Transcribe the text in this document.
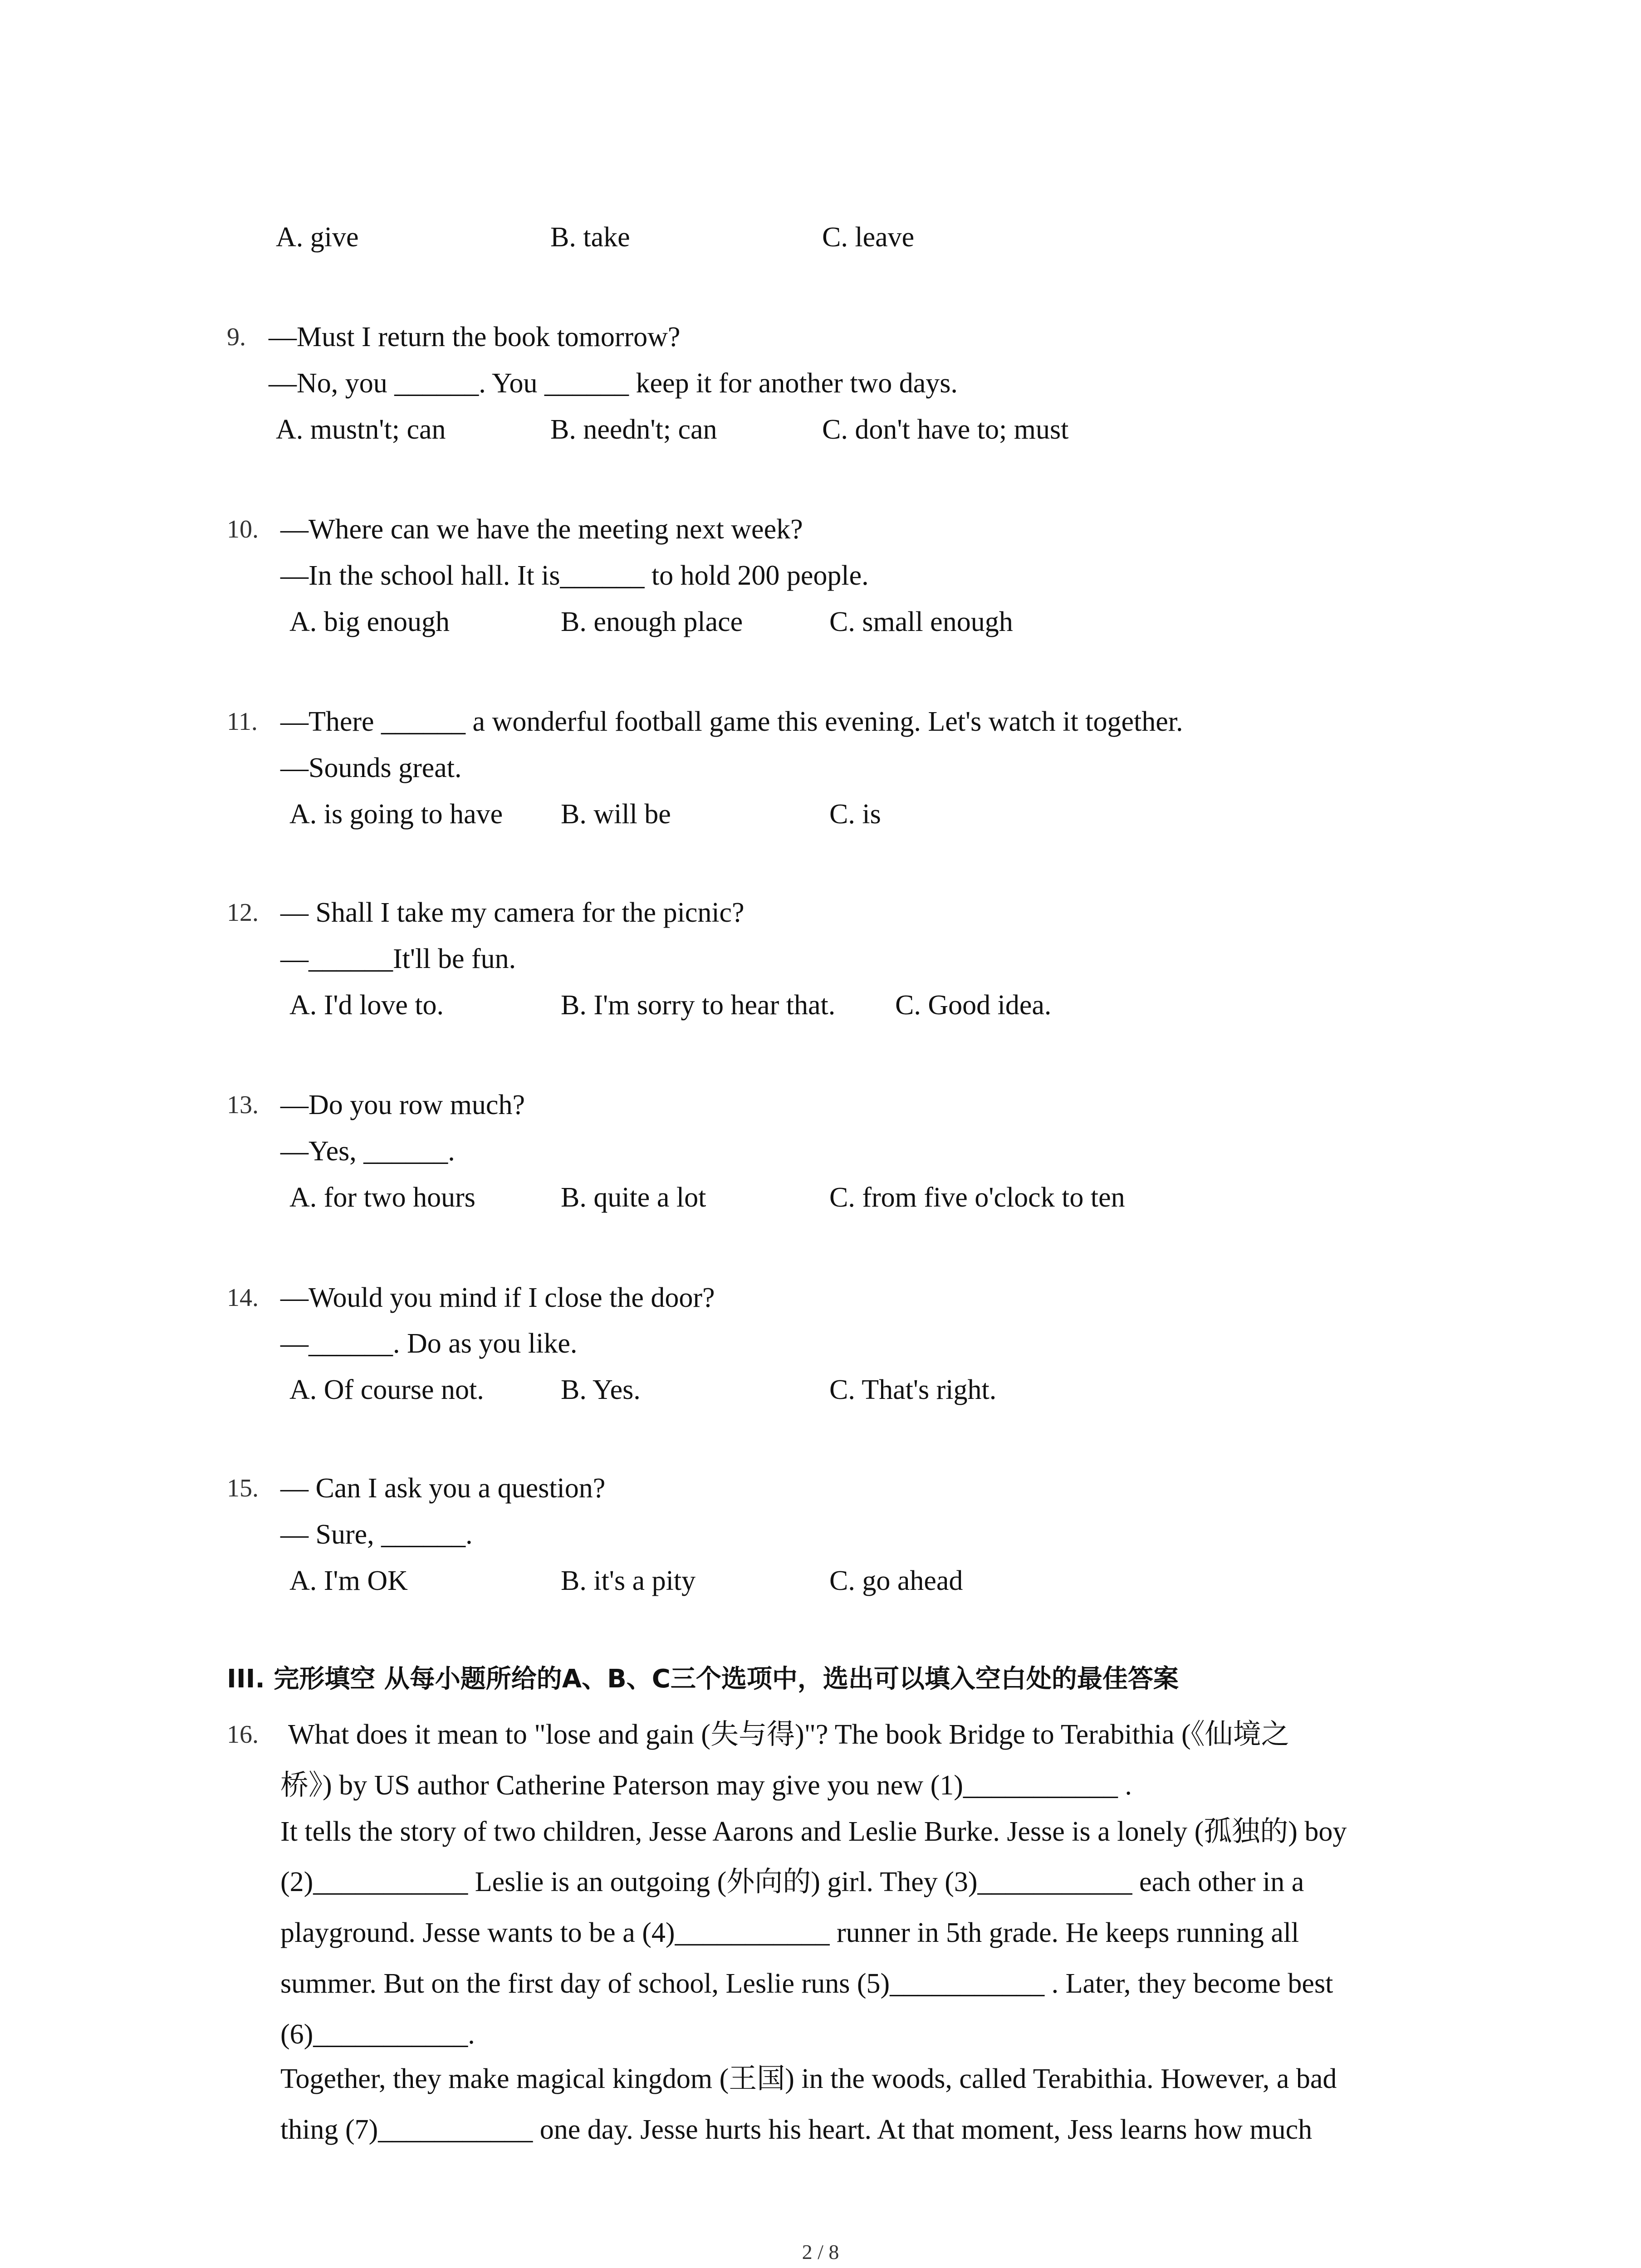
A. give	B. take	C. leave
9. —Must I return the book tomorrow?
—No, you ______. You ______ keep it for another two days.
A. mustn't; can	B. needn't; can	C. don't have to; must
10. —Where can we have the meeting next week?
—In the school hall. It is______ to hold 200 people.
A. big enough	B. enough place	C. small enough
11. —There ______ a wonderful football game this evening. Let's watch it together.
—Sounds great.
A. is going to have B. will be	C. is
12. — Shall I take my camera for the picnic?
—______It'll be fun.
A. I'd love to.	B. I'm sorry to hear that. C. Good idea.
13. —Do you row much?
—Yes, ______.
A. for two hours	B. quite a lot	C. from five o'clock to ten
14. —Would you mind if I close the door?
—______. Do as you like.
A. Of course not.	B. Yes.	C. That's right.
15. — Can I ask you a question?
— Sure, ______.
A. I'm OK	B. it's a pity	C. go ahead
III. 完形填空 从每小题所给的A、B、C三个选项中，选出可以填入空白处的最佳答案
16. What does it mean to "lose and gain (失与得)"? The book Bridge to Terabithia (《仙境之
桥》) by US author Catherine Paterson may give you new (1)___________ .
It tells the story of two children, Jesse Aarons and Leslie Burke. Jesse is a lonely (孤独的) boy
(2)___________ Leslie is an outgoing (外向的) girl. They (3)___________ each other in a
playground. Jesse wants to be a (4)___________ runner in 5th grade. He keeps running all
summer. But on the first day of school, Leslie runs (5)___________ . Later, they become best
(6)___________.
Together, they make magical kingdom (王国) in the woods, called Terabithia. However, a bad
thing (7)___________ one day. Jesse hurts his heart. At that moment, Jess learns how much
2 / 8
